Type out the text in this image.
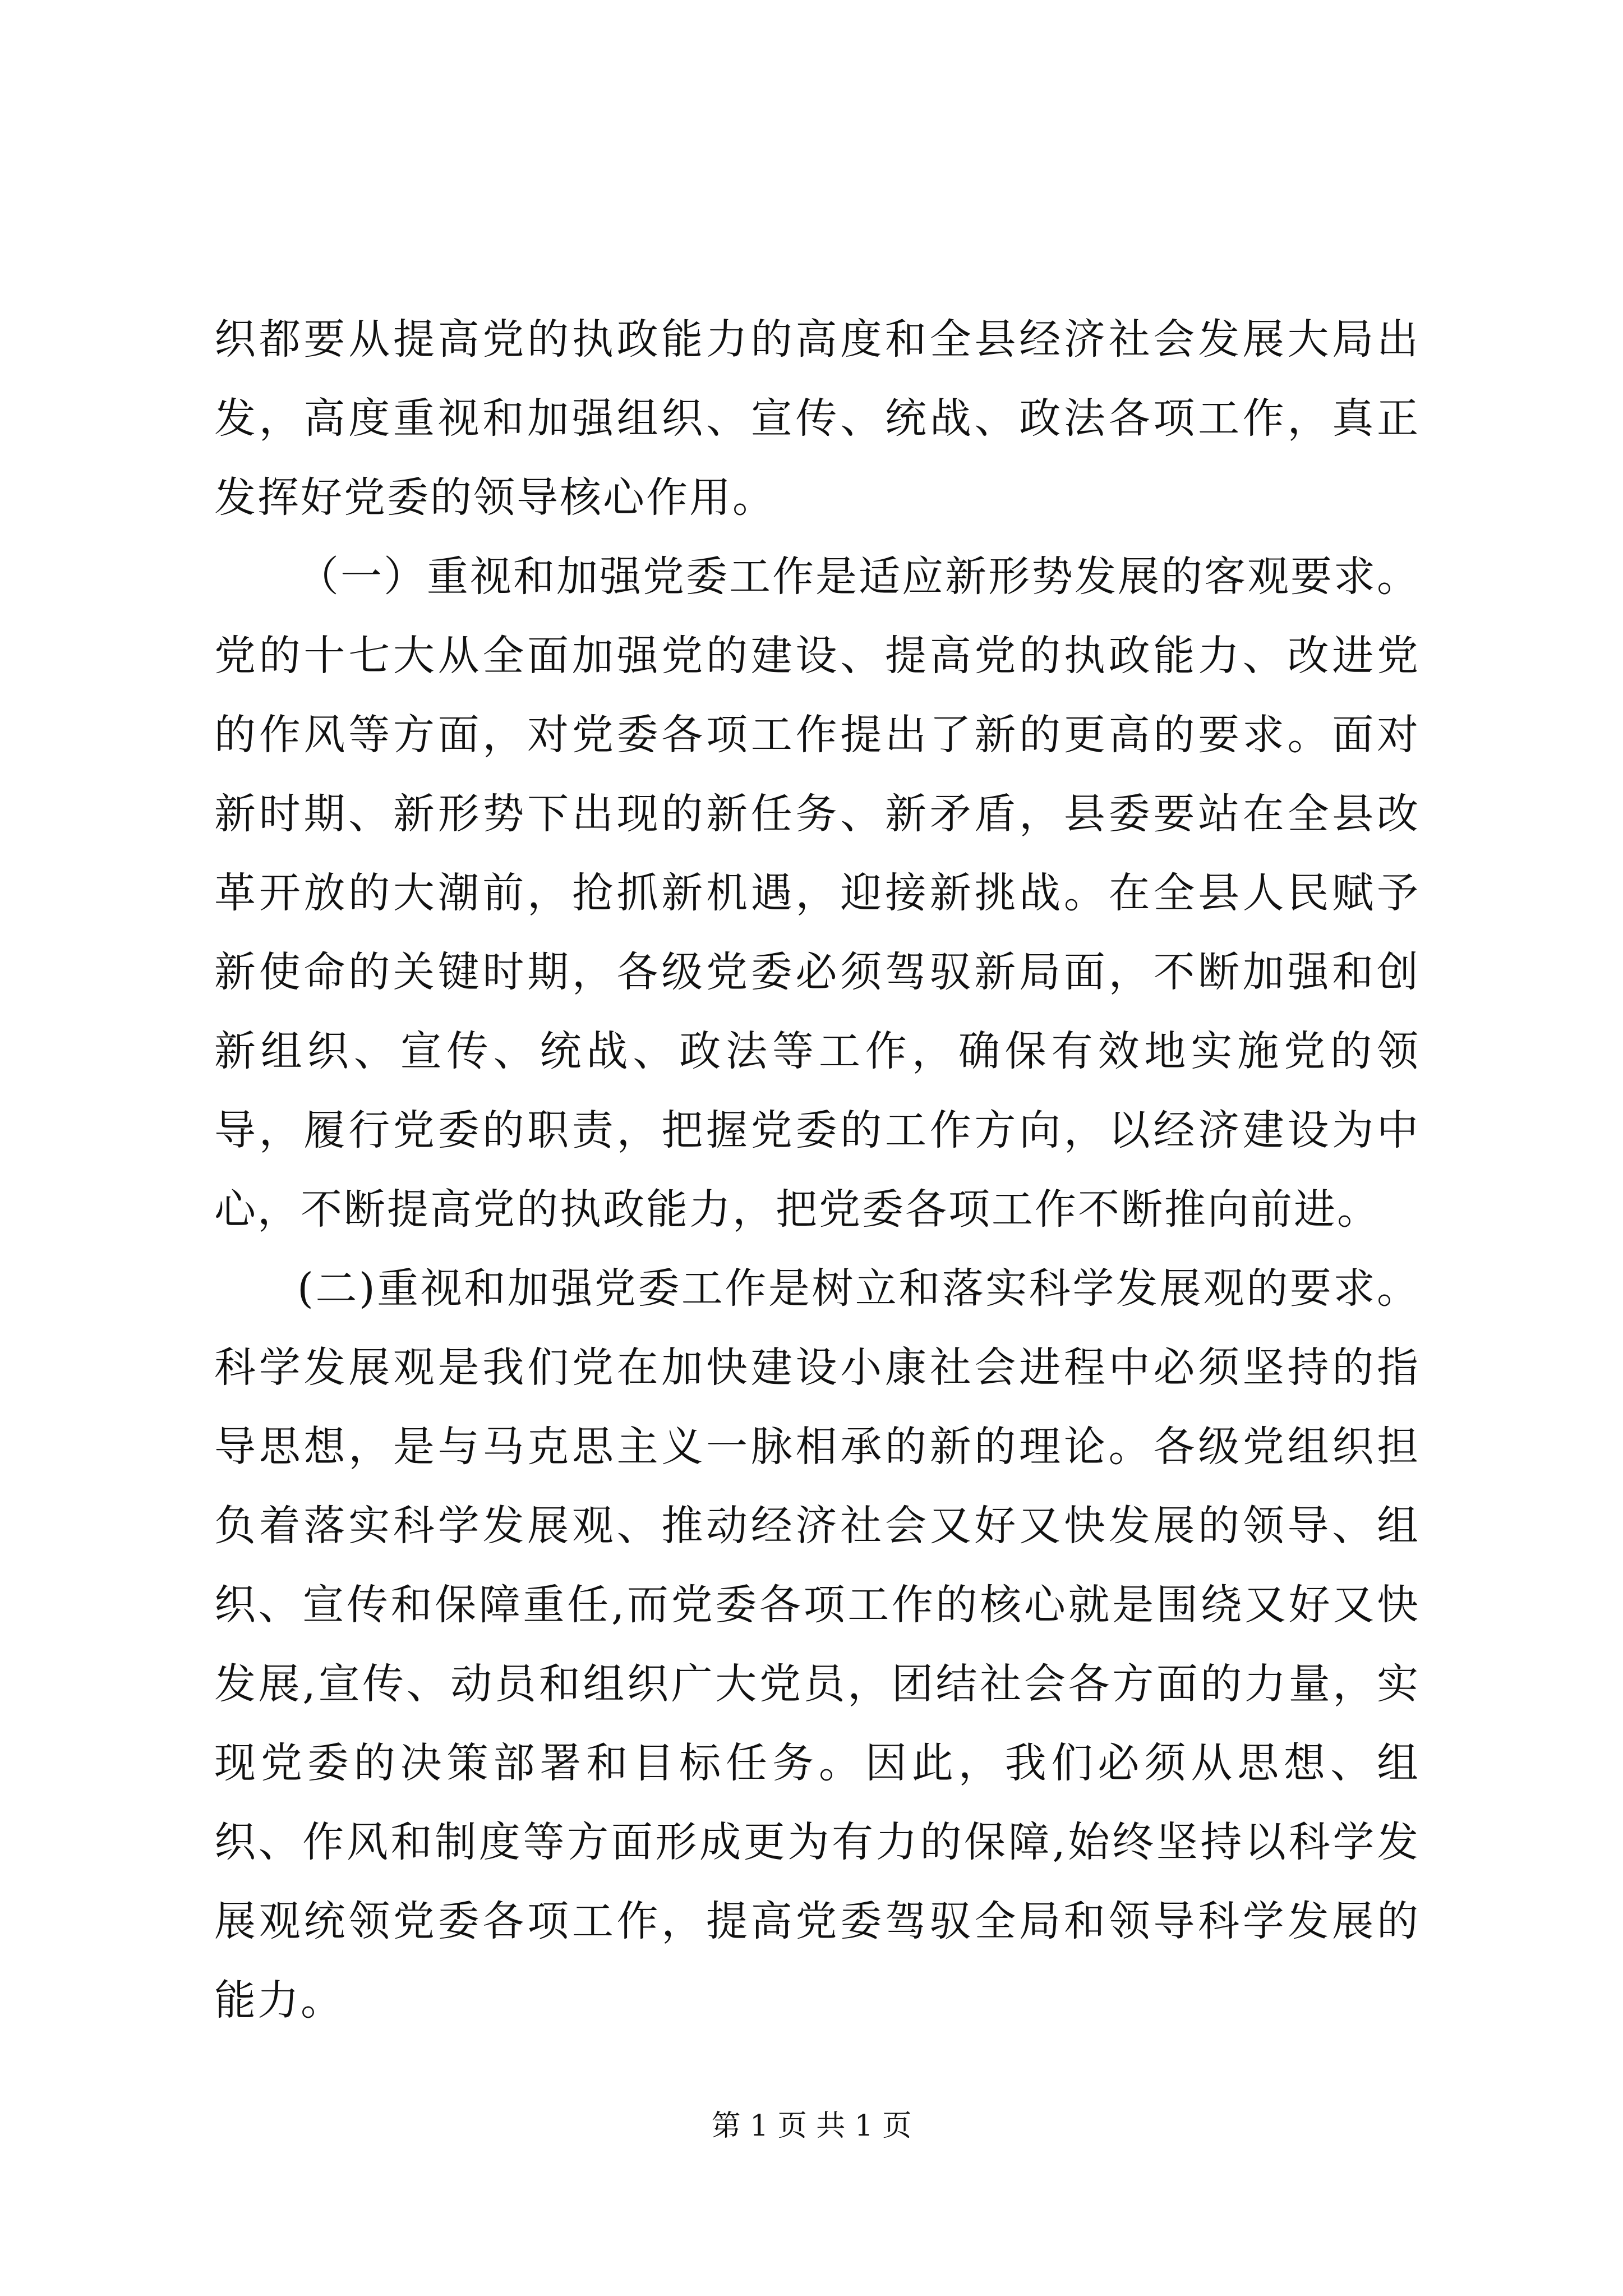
织都要从提高党的执政能力的高度和全县经济社会发展大局出发，高度重视和加强组织、宣传、统战、政法各项工作，真正发挥好党委的领导核心作用。

（一）重视和加强党委工作是适应新形势发展的客观要求。党的十七大从全面加强党的建设、提高党的执政能力、改进党的作风等方面，对党委各项工作提出了新的更高的要求。面对新时期、新形势下出现的新任务、新矛盾，县委要站在全县改革开放的大潮前，抢抓新机遇，迎接新挑战。在全县人民赋予新使命的关键时期，各级党委必须驾驭新局面，不断加强和创新组织、宣传、统战、政法等工作，确保有效地实施党的领导，履行党委的职责，把握党委的工作方向，以经济建设为中心，不断提高党的执政能力，把党委各项工作不断推向前进。

(二)重视和加强党委工作是树立和落实科学发展观的要求。科学发展观是我们党在加快建设小康社会进程中必须坚持的指导思想，是与马克思主义一脉相承的新的理论。各级党组织担负着落实科学发展观、推动经济社会又好又快发展的领导、组织、宣传和保障重任,而党委各项工作的核心就是围绕又好又快发展,宣传、动员和组织广大党员，团结社会各方面的力量，实现党委的决策部署和目标任务。因此，我们必须从思想、组织、作风和制度等方面形成更为有力的保障,始终坚持以科学发展观统领党委各项工作，提高党委驾驭全局和领导科学发展的能力。

第 1 页 共 1 页
